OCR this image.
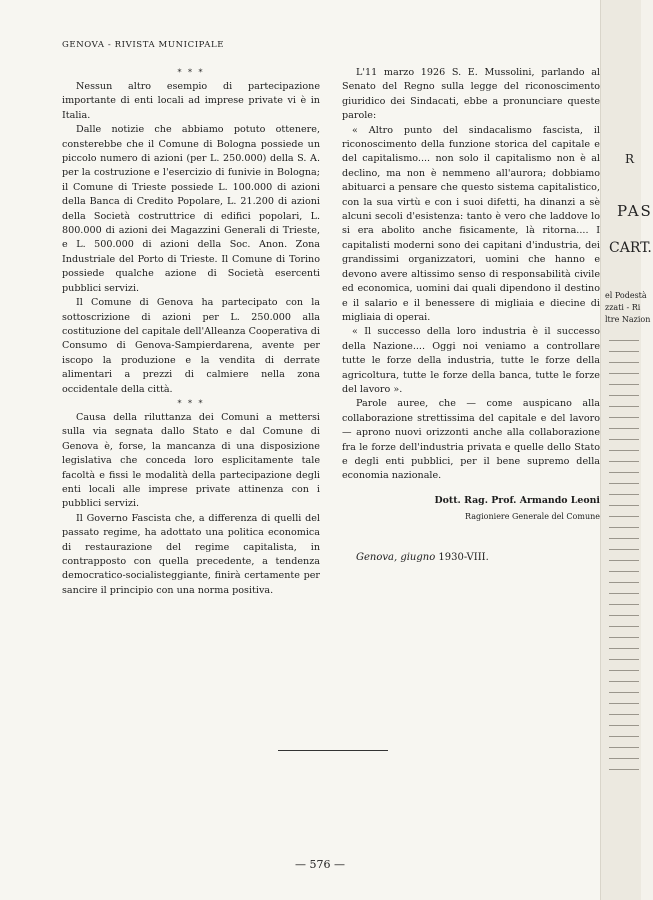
GENOVA - RIVISTA MUNICIPALE
* * *

Nessun altro esempio di partecipazione importante di enti locali ad imprese private vi è in Italia.

Dalle notizie che abbiamo potuto ottenere, consterebbe che il Comune di Bologna possiede un piccolo numero di azioni (per L. 250.000) della S. A. per la costruzione e l'esercizio di funivie in Bologna; il Comune di Trieste possiede L. 100.000 di azioni della Banca di Credito Popolare, L. 21.200 di azioni della Società costruttrice di edifici popolari, L. 800.000 di azioni dei Magazzini Generali di Trieste, e L. 500.000 di azioni della Soc. Anon. Zona Industriale del Porto di Trieste. Il Comune di Torino possiede qualche azione di Società esercenti pubblici servizi.

Il Comune di Genova ha partecipato con la sottoscrizione di azioni per L. 250.000 alla costituzione del capitale dell'Alleanza Cooperativa di Consumo di Genova-Sampierdarena, avente per iscopo la produzione e la vendita di derrate alimentari a prezzi di calmiere nella zona occidentale della città.

* * *

Causa della riluttanza dei Comuni a mettersi sulla via segnata dallo Stato e dal Comune di Genova è, forse, la mancanza di una disposizione legislativa che conceda loro esplicitamente tale facoltà e fissi le modalità della partecipazione degli enti locali alle imprese private attinenza con i pubblici servizi.

Il Governo Fascista che, a differenza di quelli del passato regime, ha adottato una politica economica di restaurazione del regime capitalista, in contrapposto con quella precedente, a tendenza democratico-socialisteggiante, finirà certamente per sancire il principio con una norma positiva.

L'11 marzo 1926 S. E. Mussolini, parlando al Senato del Regno sulla legge del riconoscimento giuridico dei Sindacati, ebbe a pronunciare queste parole:

« Altro punto del sindacalismo fascista, il riconoscimento della funzione storica del capitale e del capitalismo.... non solo il capitalismo non è al declino, ma non è nemmeno all'aurora; dobbiamo abituarci a pensare che questo sistema capitalistico, con la sua virtù e con i suoi difetti, ha dinanzi a sè alcuni secoli d'esistenza: tanto è vero che laddove lo si era abolito anche fisicamente, là ritorna.... I capitalisti moderni sono dei capitani d'industria, dei grandissimi organizzatori, uomini che hanno e devono avere altissimo senso di responsabilità civile ed economica, uomini dai quali dipendono il destino e il salario e il benessere di migliaia e diecine di migliaia di operai.

« Il successo della loro industria è il successo della Nazione.... Oggi noi veniamo a controllare tutte le forze della industria, tutte le forze della agricoltura, tutte le forze della banca, tutte le forze del lavoro ».

Parole auree, che — come auspicano alla collaborazione strettissima del capitale e del lavoro — aprono nuovi orizzonti anche alla collaborazione fra le forze dell'industria privata e quelle dello Stato e degli enti pubblici, per il bene supremo della economia nazionale.

Dott. Rag. Prof. Armando Leoni
Ragioniere Generale del Comune
Genova, giugno 1930-VIII.
— 576 —
R
PAS
CART.
el Podestà
zzati - Ri
ltre Nazion
